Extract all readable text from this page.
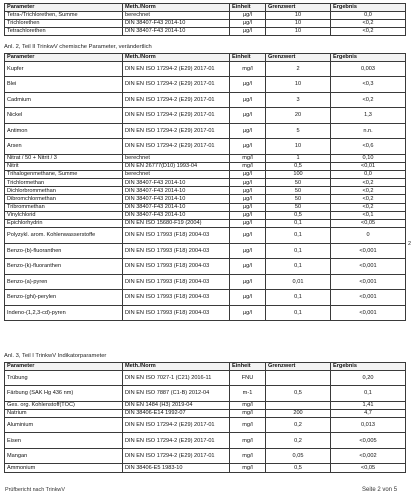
Parameter	Meth./Norm	Einheit	Grenzwert	Ergebnis
Tetra-/Trichlorethen, Summe	berechnet	µg/l	10	0,0
Trichlorethen	DIN 38407-F43 2014-10	µg/l	10	<0,2
Tetrachlorethen	DIN 38407-F43 2014-10	µg/l	10	<0,2
Anl. 2, Teil II TrinkwV chemische Parameter, verändertlich
Parameter	Meth./Norm	Einheit	Grenzwert	Ergebnis
Kupfer	DIN EN ISO 17294-2 (E29) 2017-01	mg/l	2	0,003
Blei	DIN EN ISO 17294-2 (E29) 2017-01	µg/l	10	<0,3
Cadmium	DIN EN ISO 17294-2 (E29) 2017-01	µg/l	3	<0,2
Nickel	DIN EN ISO 17294-2 (E29) 2017-01	µg/l	20	1,3
Antimon	DIN EN ISO 17294-2 (E29) 2017-01	µg/l	5	n.n.
Arsen	DIN EN ISO 17294-2 (E29) 2017-01	µg/l	10	<0,6
Nitrat / 50 + Nitrit / 3	berechnet	mg/l	1	0,10
Nitrit	DIN EN 26777(D10) 1993-04	mg/l	0,5	<0,01
Trihalogenmethane, Summe	berechnet	µg/l	100	0,0
Trichlormethan	DIN 38407-F43 2014-10	µg/l	50	<0,2
Dichlorbrommethan	DIN 38407-F43 2014-10	µg/l	50	<0,2
Dibromchlormethan	DIN 38407-F43 2014-10	µg/l	50	<0,2
Tribrommethan	DIN 38407-F43 2014-10	µg/l	50	<0,2
Vinylchlorid	DIN 38407-F43 2014-10	µg/l	0,5	<0,1
Epichlorhydrin	DIN EN ISO 15680-F19 (2004)	µg/l	0,1	<0,05
Polyzykl. arom. Kohlenwasserstoffe	DIN EN ISO 17993 (F18) 2004-03	µg/l	0,1	0
Benzo-(b)-fluoranthen	DIN EN ISO 17993 (F18) 2004-03	µg/l	0,1	<0,001
Benzo-(k)-fluoranthen	DIN EN ISO 17993 (F18) 2004-03	µg/l	0,1	<0,001
Benzo-(a)-pyren	DIN EN ISO 17993 (F18) 2004-03	µg/l	0,01	<0,001
Benzo-(ghi)-perylen	DIN EN ISO 17993 (F18) 2004-03	µg/l	0,1	<0,001
Indeno-(1,2,3-cd)-pyren	DIN EN ISO 17993 (F18) 2004-03	µg/l	0,1	<0,001
2
Anl. 3, Teil I TrinkwV Indikatorparameter
Parameter	Meth./Norm	Einheit	Grenzwert	Ergebnis
Trübung	DIN EN ISO 7027-1 (C21) 2016-11	FNU		0,20
Färbung (SAK Hg 436 nm)	DIN EN ISO 7887 (C1-B) 2012-04	m-1	0,5	0,1
Ges. org. Kohlenstoff(TOC)	DIN EN 1484 (H3) 2019-04	mg/l		1,41
Natrium	DIN 38406-E14 1992-07	mg/l	200	4,7
Aluminium	DIN EN ISO 17294-2 (E29) 2017-01	mg/l	0,2	0,013
Eisen	DIN EN ISO 17294-2 (E29) 2017-01	mg/l	0,2	<0,005
Mangan	DIN EN ISO 17294-2 (E29) 2017-01	mg/l	0,05	<0,002
Ammonium	DIN 38406-E5 1983-10	mg/l	0,5	<0,05
Prüfbericht nach TrinkwV	Seite 2 von 5
